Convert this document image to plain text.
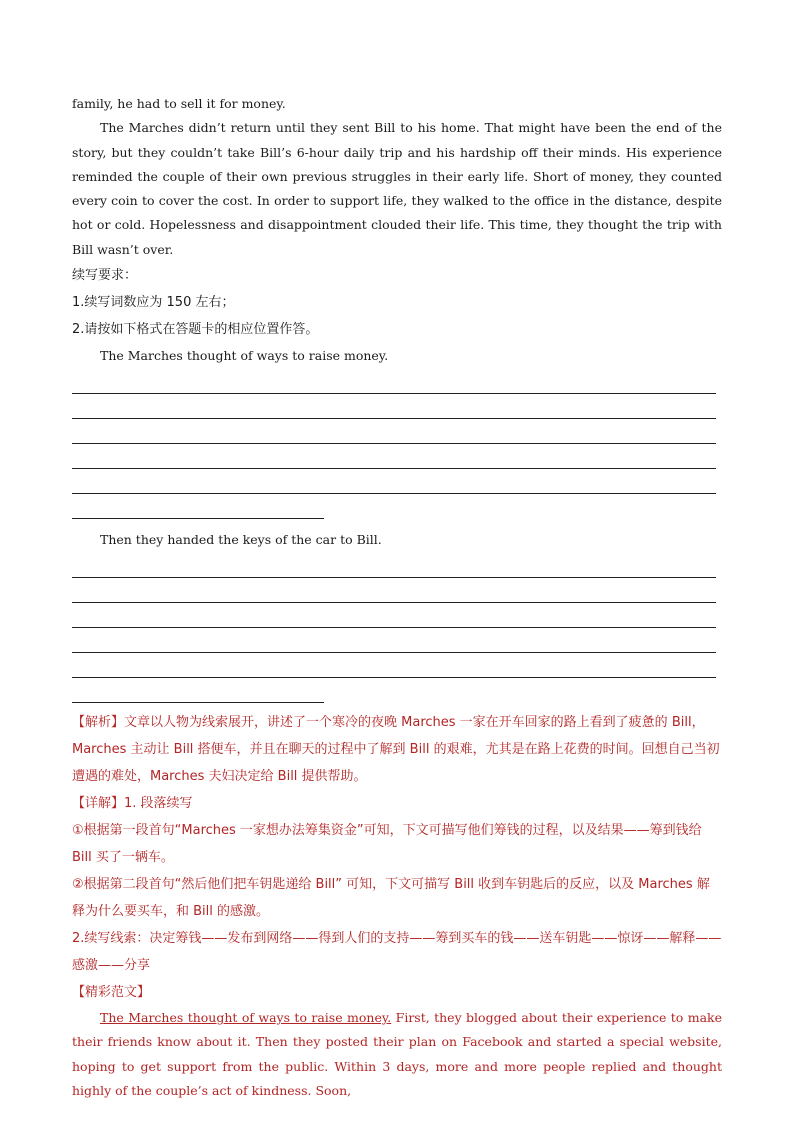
family, he had to sell it for money.

The Marches didn’t return until they sent Bill to his home. That might have been the end of the story, but they couldn’t take Bill’s 6-hour daily trip and his hardship off their minds. His experience reminded the couple of their own previous struggles in their early life. Short of money, they counted every coin to cover the cost. In order to support life, they walked to the office in the distance, despite hot or cold. Hopelessness and disappointment clouded their life. This time, they thought the trip with Bill wasn’t over.

续写要求：

1.续写词数应为 150 左右；

2.请按如下格式在答题卡的相应位置作答。

The Marches thought of ways to raise money.

Then they handed the keys of the car to Bill.

【解析】文章以人物为线索展开，讲述了一个寒冷的夜晚 Marches 一家在开车回家的路上看到了疲惫的 Bill，Marches 主动让 Bill 搭便车，并且在聊天的过程中了解到 Bill 的艰难，尤其是在路上花费的时间。回想自己当初遭遇的难处，Marches 夫妇决定给 Bill 提供帮助。

【详解】1. 段落续写

①根据第一段首句“Marches 一家想办法筹集资金”可知，下文可描写他们筹钱的过程，以及结果——筹到钱给 Bill 买了一辆车。

②根据第二段首句“然后他们把车钥匙递给 Bill” 可知，下文可描写 Bill 收到车钥匙后的反应，以及 Marches 解释为什么要买车，和 Bill 的感激。

2.续写线索：决定筹钱——发布到网络——得到人们的支持——筹到买车的钱——送车钥匙——惊讶——解释——感激——分享

【精彩范文】

The Marches thought of ways to raise money. First, they blogged about their experience to make their friends know about it. Then they posted their plan on Facebook and started a special website, hoping to get support from the public. Within 3 days, more and more people replied and thought highly of the couple’s act of kindness. Soon,
